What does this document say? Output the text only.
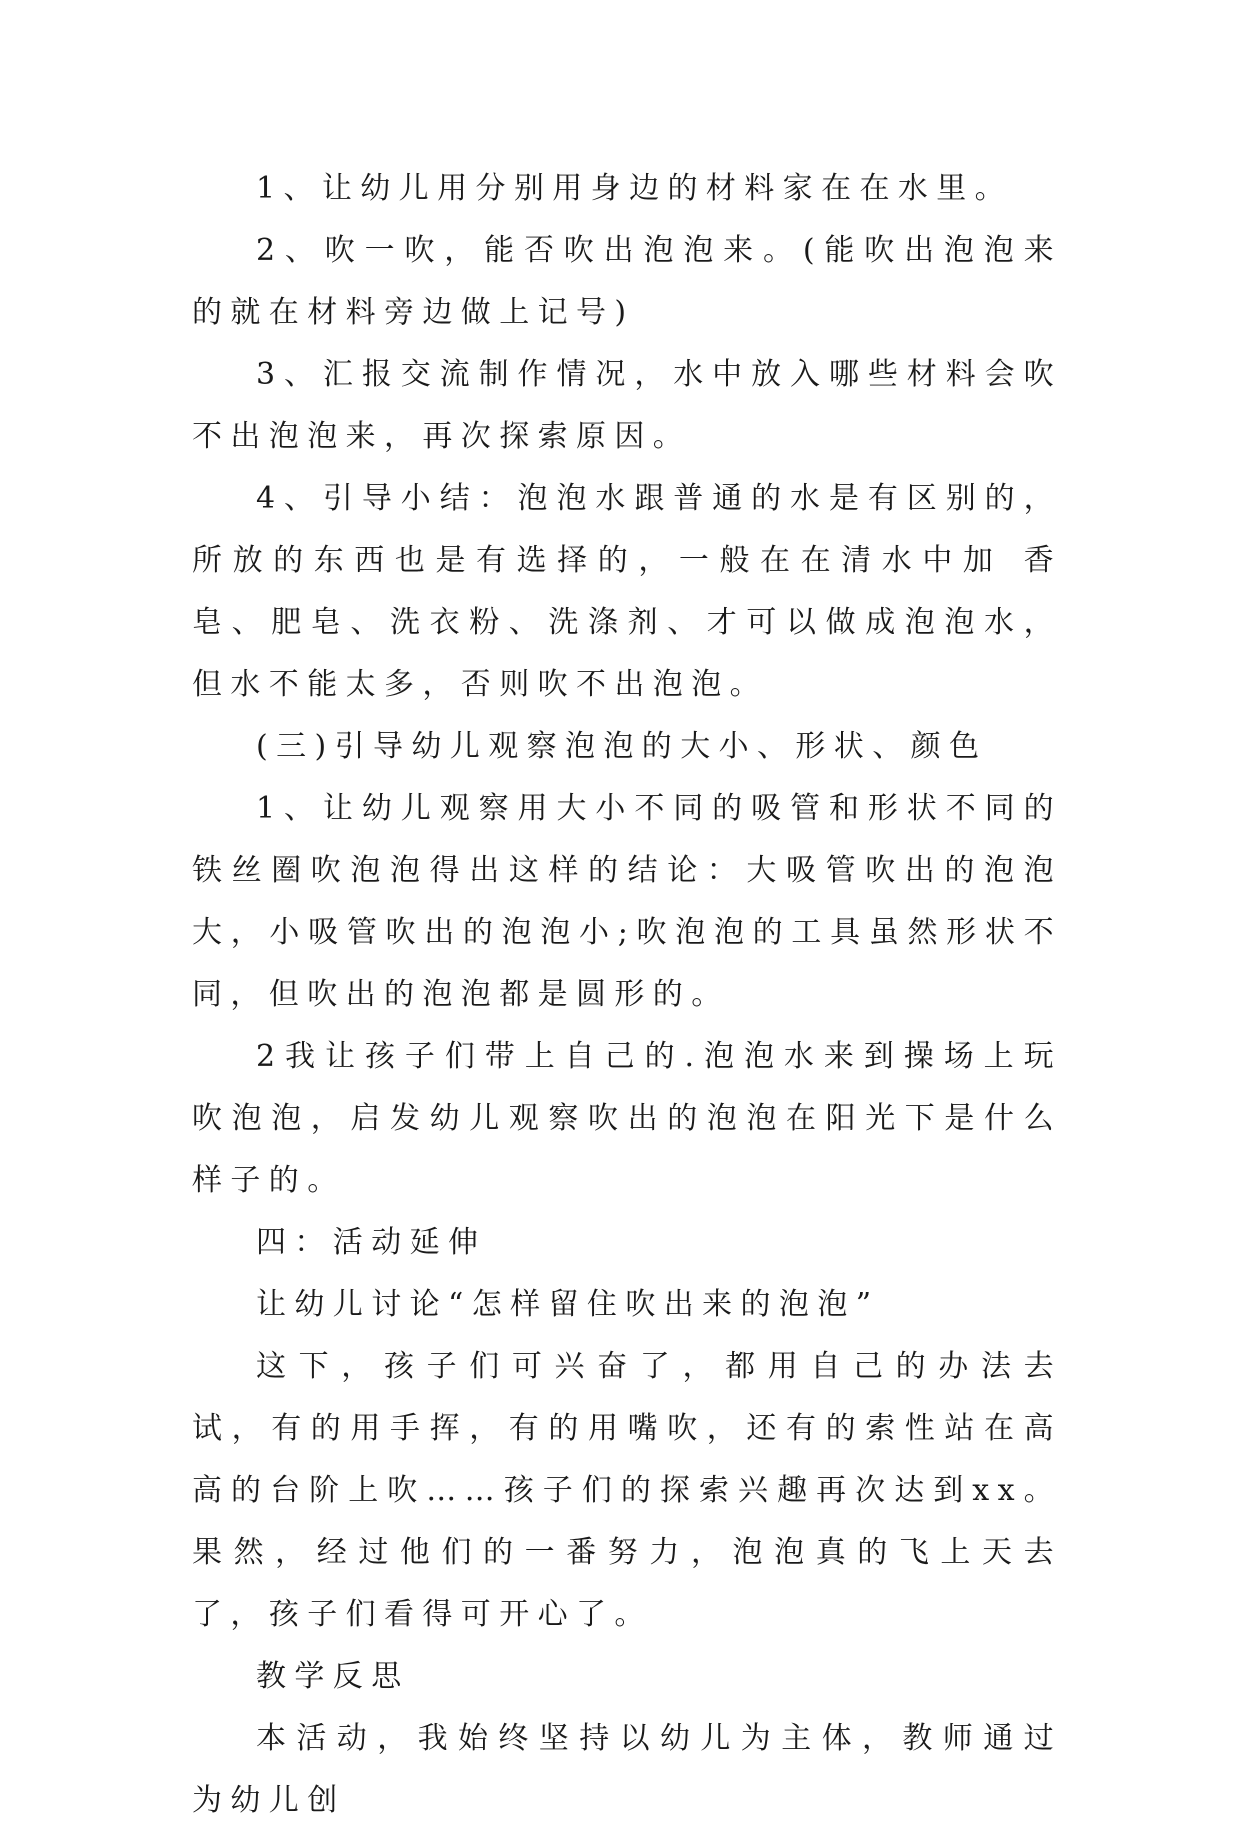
1、让幼儿用分别用身边的材料家在在水里。

2、吹一吹，能否吹出泡泡来。(能吹出泡泡来的就在材料旁边做上记号)

3、汇报交流制作情况，水中放入哪些材料会吹不出泡泡来，再次探索原因。

4、引导小结：泡泡水跟普通的水是有区别的，所放的东西也是有选择的，一般在在清水中加 香皂、肥皂、洗衣粉、洗涤剂、才可以做成泡泡水，但水不能太多，否则吹不出泡泡。

(三)引导幼儿观察泡泡的大小、形状、颜色

1、让幼儿观察用大小不同的吸管和形状不同的铁丝圈吹泡泡得出这样的结论：大吸管吹出的泡泡大，小吸管吹出的泡泡小;吹泡泡的工具虽然形状不同，但吹出的泡泡都是圆形的。

2我让孩子们带上自己的.泡泡水来到操场上玩吹泡泡，启发幼儿观察吹出的泡泡在阳光下是什么样子的。

四：活动延伸

让幼儿讨论“怎样留住吹出来的泡泡”

这下，孩子们可兴奋了，都用自己的办法去试，有的用手挥，有的用嘴吹，还有的索性站在高高的台阶上吹……孩子们的探索兴趣再次达到xx。果然，经过他们的一番努力，泡泡真的飞上天去了，孩子们看得可开心了。

教学反思

本活动，我始终坚持以幼儿为主体，教师通过为幼儿创
